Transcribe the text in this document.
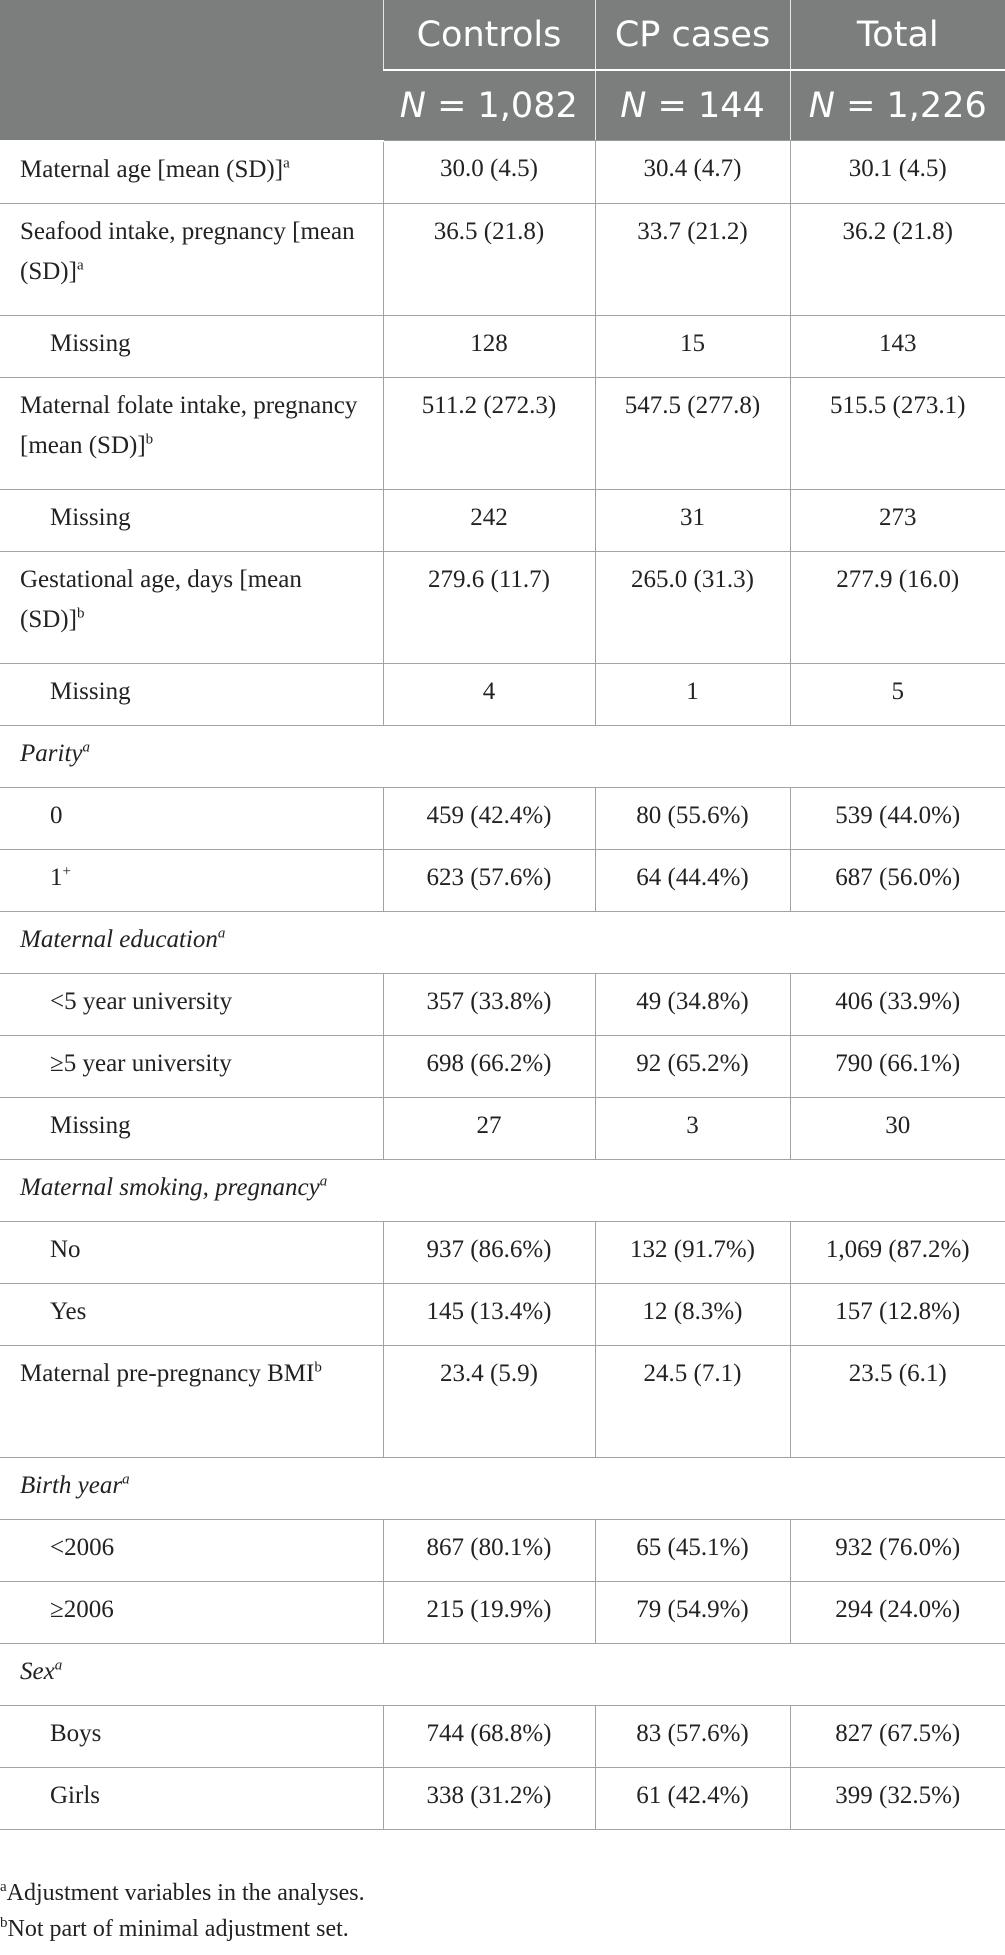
	Controls	CP cases	Total
	N = 1,082	N = 144	N = 1,226
Maternal age [mean (SD)]$^a$	30.0 (4.5)	30.4 (4.7)	30.1 (4.5)
Seafood intake, pregnancy [mean (SD)]$^a$	36.5 (21.8)	33.7 (21.2)	36.2 (21.8)
Missing	128	15	143
Maternal folate intake, pregnancy [mean (SD)]$^b$	511.2 (272.3)	547.5 (277.8)	515.5 (273.1)
Missing	242	31	273
Gestational age, days [mean (SD)]$^b$	279.6 (11.7)	265.0 (31.3)	277.9 (16.0)
Missing	4	1	5
Parity$^a$
0	459 (42.4%)	80 (55.6%)	539 (44.0%)
1+	623 (57.6%)	64 (44.4%)	687 (56.0%)
Maternal education$^a$
<5 year university	357 (33.8%)	49 (34.8%)	406 (33.9%)
≥5 year university	698 (66.2%)	92 (65.2%)	790 (66.1%)
Missing	27	3	30
Maternal smoking, pregnancy$^a$
No	937 (86.6%)	132 (91.7%)	1,069 (87.2%)
Yes	145 (13.4%)	12 (8.3%)	157 (12.8%)
Maternal pre-pregnancy BMI$^b$	23.4 (5.9)	24.5 (7.1)	23.5 (6.1)
Birth year$^a$
<2006	867 (80.1%)	65 (45.1%)	932 (76.0%)
≥2006	215 (19.9%)	79 (54.9%)	294 (24.0%)
Sex$^a$
Boys	744 (68.8%)	83 (57.6%)	827 (67.5%)
Girls	338 (31.2%)	61 (42.4%)	399 (32.5%)
$^a$Adjustment variables in the analyses.
$^b$Not part of minimal adjustment set.
